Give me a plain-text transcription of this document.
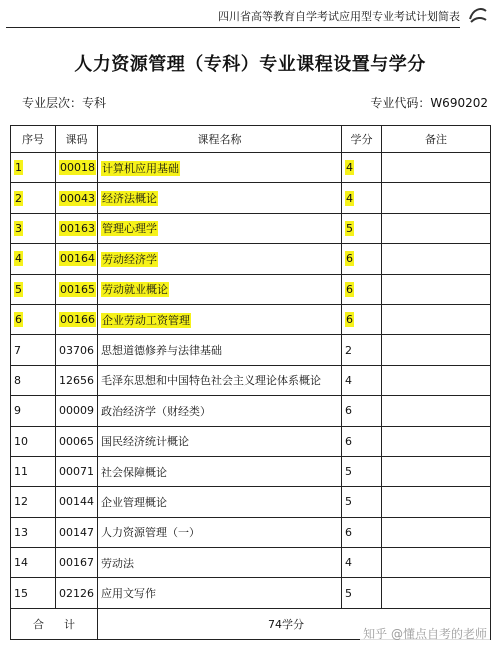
四川省高等教育自学考试应用型专业考试计划简表
人力资源管理（专科）专业课程设置与学分
专业层次：专科	专业代码：W690202
序号	课码	课程名称	学分	备注
1	00018	计算机应用基础	4	
2	00043	经济法概论	4	
3	00163	管理心理学	5	
4	00164	劳动经济学	6	
5	00165	劳动就业概论	6	
6	00166	企业劳动工资管理	6	
7	03706	思想道德修养与法律基础	2	
8	12656	毛泽东思想和中国特色社会主义理论体系概论	4	
9	00009	政治经济学（财经类）	6	
10	00065	国民经济统计概论	6	
11	00071	社会保障概论	5	
12	00144	企业管理概论	5	
13	00147	人力资源管理（一）	6	
14	00167	劳动法	4	
15	02126	应用文写作	5	
合计		74学分		
知乎 @懂点自考的老师
